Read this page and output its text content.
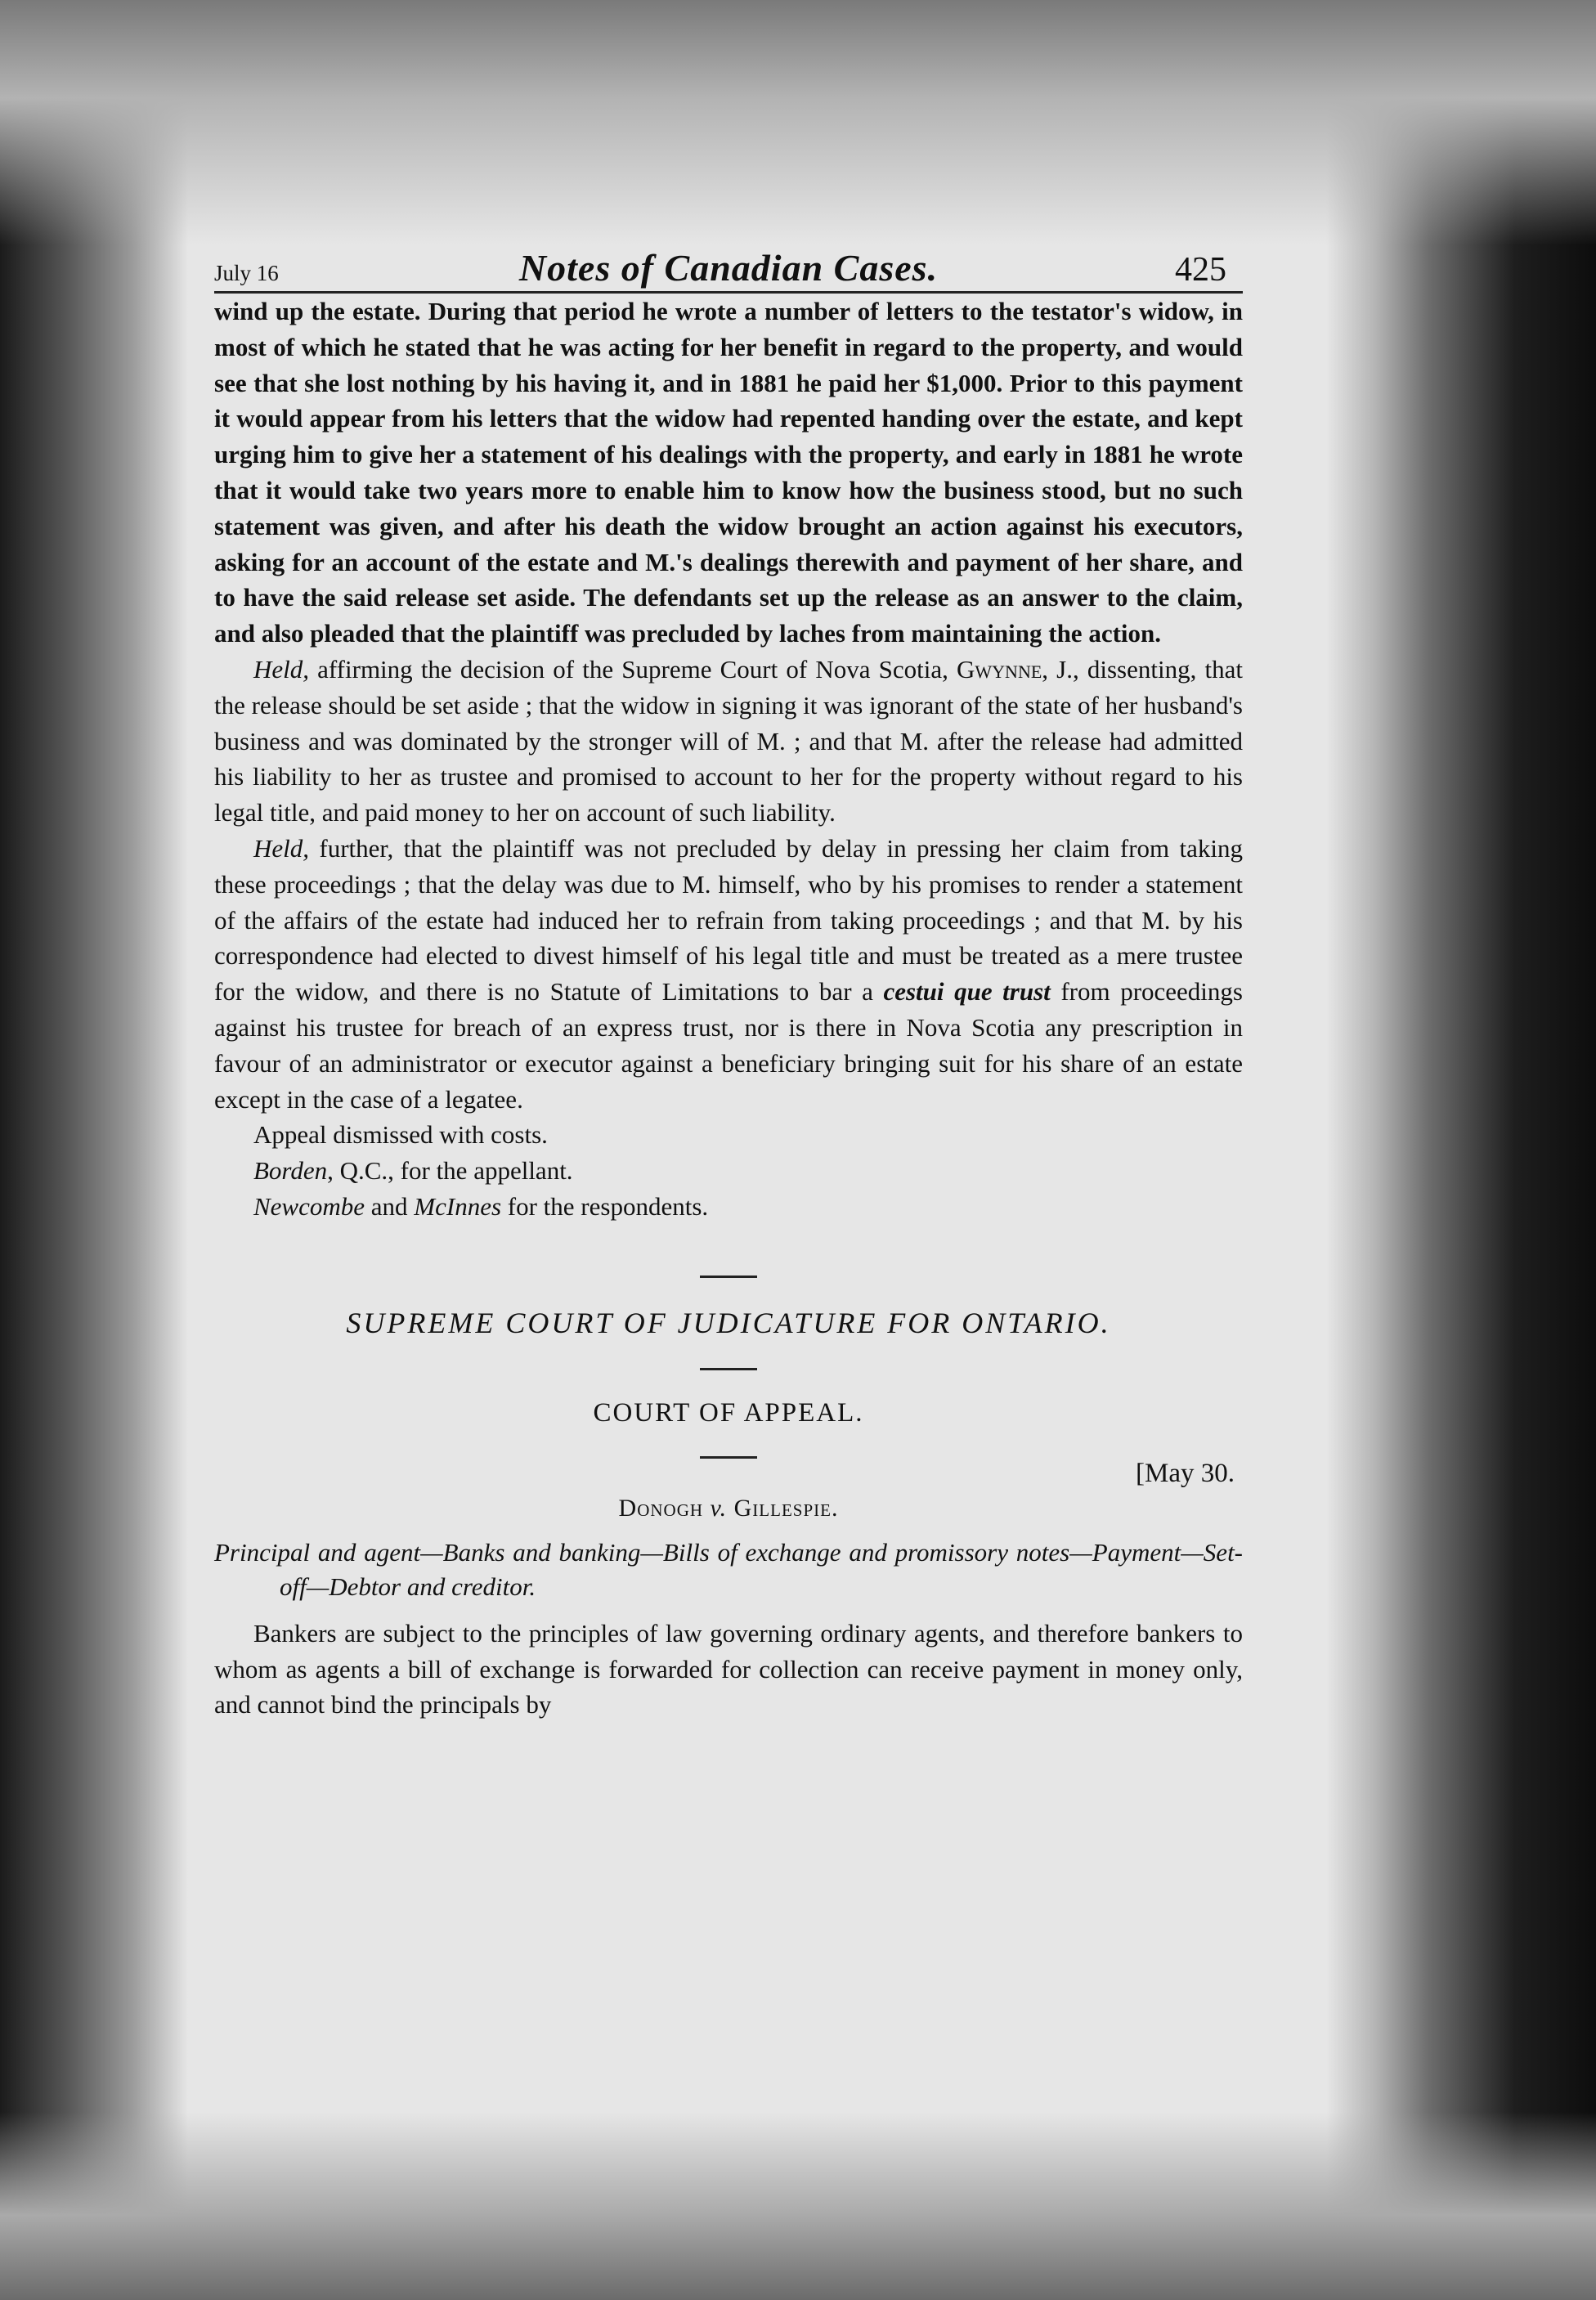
July 16	Notes of Canadian Cases.	425

wind up the estate. During that period he wrote a number of letters to the testator's widow, in most of which he stated that he was acting for her benefit in regard to the property, and would see that she lost nothing by his having it, and in 1881 he paid her $1,000. Prior to this payment it would appear from his letters that the widow had repented handing over the estate, and kept urging him to give her a statement of his dealings with the property, and early in 1881 he wrote that it would take two years more to enable him to know how the business stood, but no such statement was given, and after his death the widow brought an action against his executors, asking for an account of the estate and M.'s dealings therewith and payment of her share, and to have the said release set aside. The defendants set up the release as an answer to the claim, and also pleaded that the plaintiff was precluded by laches from maintaining the action.

Held, affirming the decision of the Supreme Court of Nova Scotia, Gwynne, J., dissenting, that the release should be set aside ; that the widow in signing it was ignorant of the state of her husband's business and was dominated by the stronger will of M. ; and that M. after the release had admitted his liability to her as trustee and promised to account to her for the property without regard to his legal title, and paid money to her on account of such liability.

Held, further, that the plaintiff was not precluded by delay in pressing her claim from taking these proceedings ; that the delay was due to M. himself, who by his promises to render a statement of the affairs of the estate had induced her to refrain from taking proceedings ; and that M. by his correspondence had elected to divest himself of his legal title and must be treated as a mere trustee for the widow, and there is no Statute of Limitations to bar a cestui que trust from proceedings against his trustee for breach of an express trust, nor is there in Nova Scotia any prescription in favour of an administrator or executor against a beneficiary bringing suit for his share of an estate except in the case of a legatee.

Appeal dismissed with costs.

Borden, Q.C., for the appellant.

Newcombe and McInnes for the respondents.

SUPREME COURT OF JUDICATURE FOR ONTARIO.

COURT OF APPEAL.

[May 30.
Donogh v. Gillespie.

Principal and agent—Banks and banking—Bills of exchange and promissory notes—Payment—Set-off—Debtor and creditor.

Bankers are subject to the principles of law governing ordinary agents, and therefore bankers to whom as agents a bill of exchange is forwarded for collection can receive payment in money only, and cannot bind the principals by
